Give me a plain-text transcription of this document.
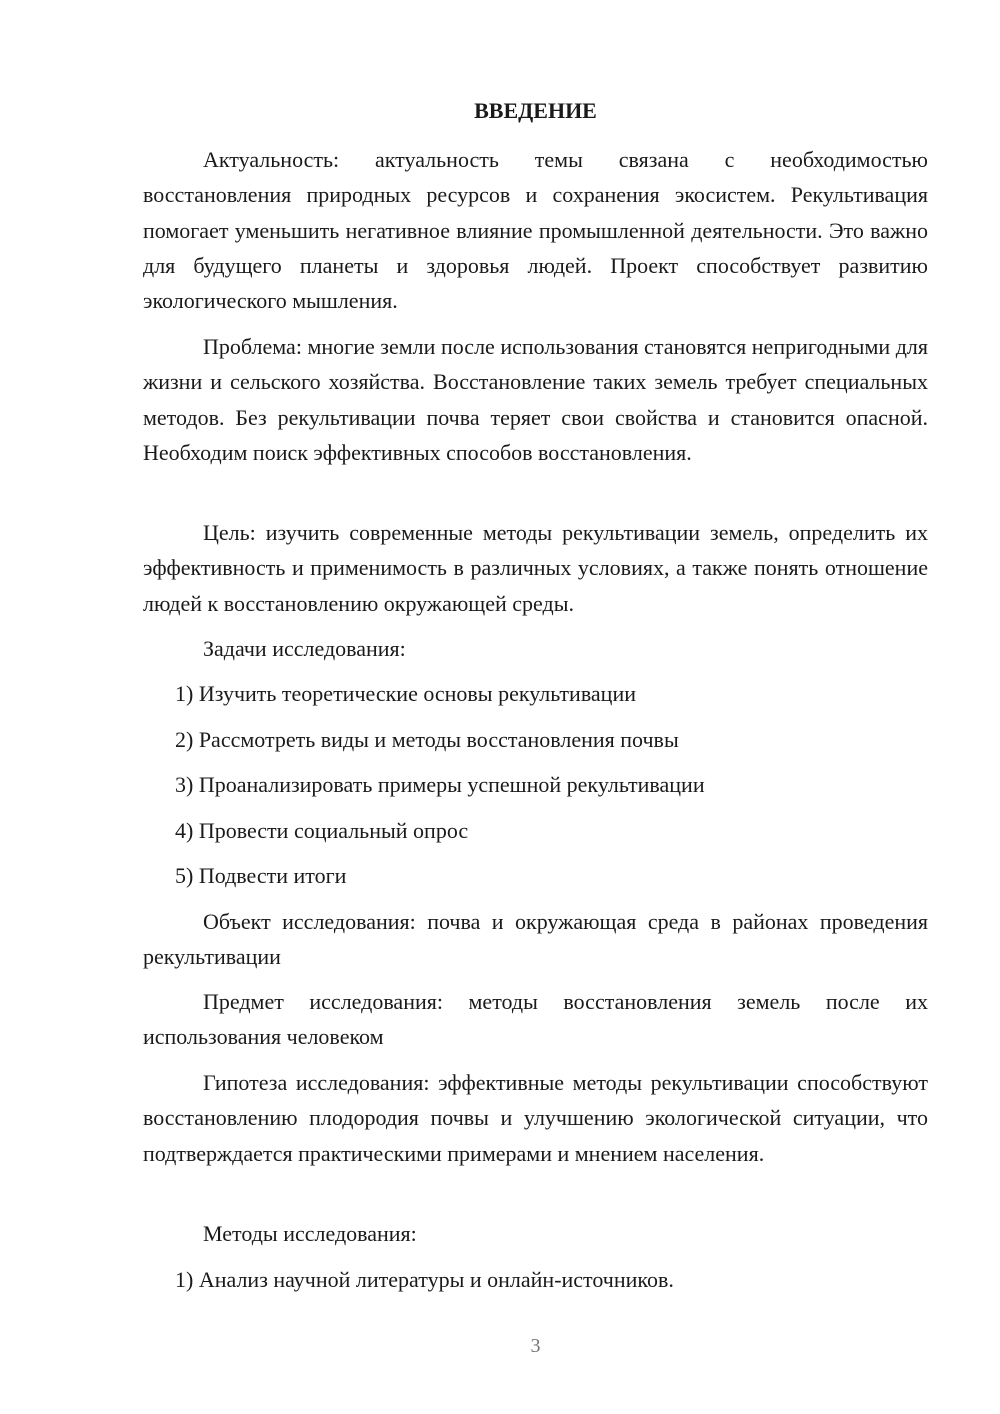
ВВЕДЕНИЕ

Актуальность: актуальность темы связана с необходимостью восстановления природных ресурсов и сохранения экосистем. Рекультивация помогает уменьшить негативное влияние промышленной деятельности. Это важно для будущего планеты и здоровья людей. Проект способствует развитию экологического мышления.

Проблема: многие земли после использования становятся непригодными для жизни и сельского хозяйства. Восстановление таких земель требует специальных методов. Без рекультивации почва теряет свои свойства и становится опасной. Необходим поиск эффективных способов восстановления.

Цель: изучить современные методы рекультивации земель, определить их эффективность и применимость в различных условиях, а также понять отношение людей к восстановлению окружающей среды.

Задачи исследования:

1) Изучить теоретические основы рекультивации

2) Рассмотреть виды и методы восстановления почвы

3) Проанализировать примеры успешной рекультивации

4) Провести социальный опрос

5) Подвести итоги

Объект исследования: почва и окружающая среда в районах проведения рекультивации

Предмет исследования: методы восстановления земель после их использования человеком

Гипотеза исследования: эффективные методы рекультивации способствуют восстановлению плодородия почвы и улучшению экологической ситуации, что подтверждается практическими примерами и мнением населения.

Методы исследования:

1) Анализ научной литературы и онлайн-источников.

3
